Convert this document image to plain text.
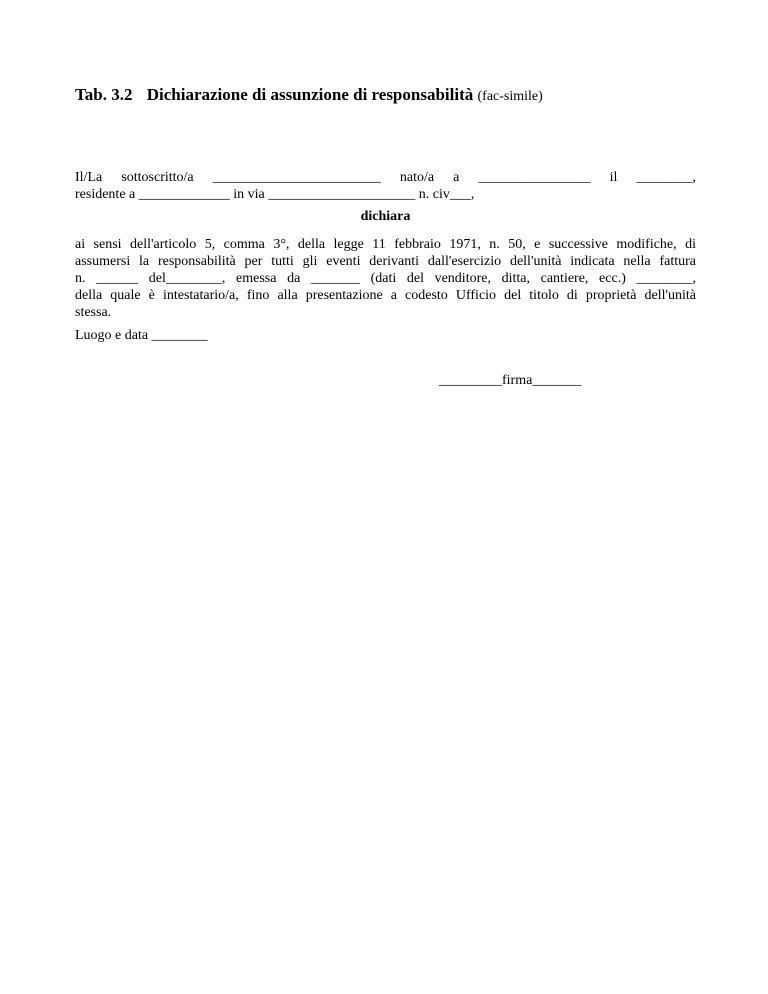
Tab. 3.2 Dichiarazione di assunzione di responsabilità (fac-simile)
Il/La sottoscritto/a ________________________ nato/a a ________________ il ________,
residente a _____________ in via _____________________ n. civ___,
dichiara
ai sensi dell'articolo 5, comma 3°, della legge 11 febbraio 1971, n. 50, e successive modifiche, di
assumersi la responsabilità per tutti gli eventi derivanti dall'esercizio dell'unità indicata nella fattura
n. ______ del________, emessa da _______ (dati del venditore, ditta, cantiere, ecc.) ________,
della quale è intestatario/a, fino alla presentazione a codesto Ufficio del titolo di proprietà dell'unità
stessa.
Luogo e data ________
_________firma_______
